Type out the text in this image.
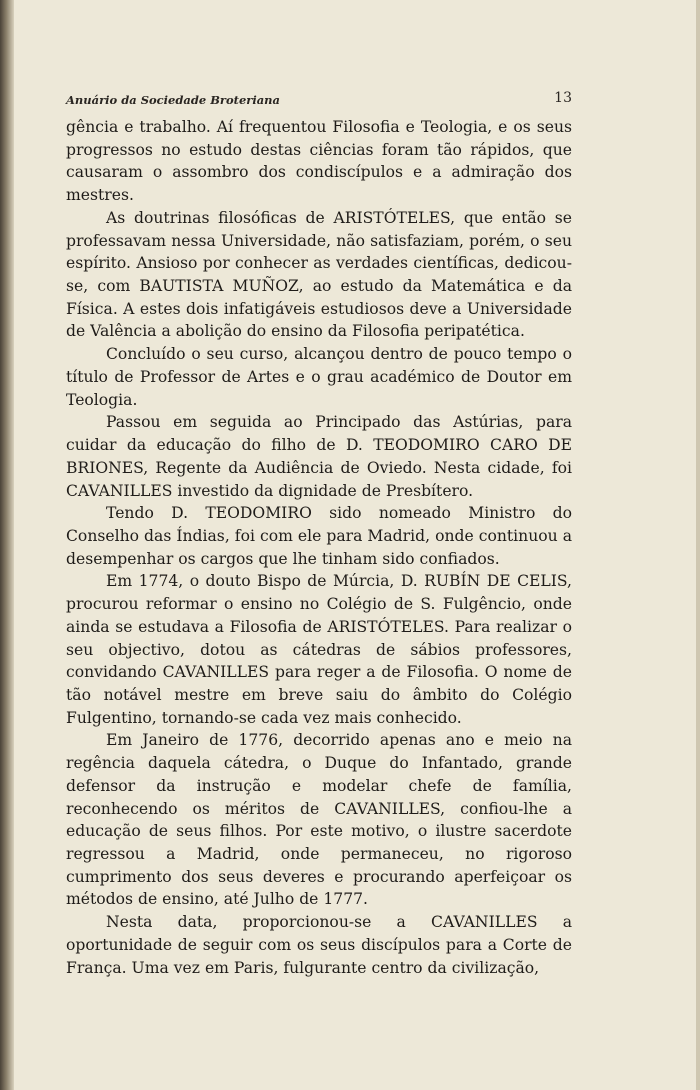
Anuário da Sociedade Broteriana	13

gência e trabalho. Aí frequentou Filosofia e Teologia, e os seus progressos no estudo destas ciências foram tão rápidos, que causaram o assombro dos condiscípulos e a admiração dos mestres.

As doutrinas filosóficas de ARISTÓTELES, que então se professavam nessa Universidade, não satisfaziam, porém, o seu espírito. Ansioso por conhecer as verdades científicas, dedicou-se, com BAUTISTA MUÑOZ, ao estudo da Matemática e da Física. A estes dois infatigáveis estudiosos deve a Universidade de Valência a abolição do ensino da Filosofia peripatética.

Concluído o seu curso, alcançou dentro de pouco tempo o título de Professor de Artes e o grau académico de Doutor em Teologia.

Passou em seguida ao Principado das Astúrias, para cuidar da educação do filho de D. TEODOMIRO CARO DE BRIONES, Regente da Audiência de Oviedo. Nesta cidade, foi CAVANILLES investido da dignidade de Presbítero.

Tendo D. TEODOMIRO sido nomeado Ministro do Conselho das Índias, foi com ele para Madrid, onde continuou a desempenhar os cargos que lhe tinham sido confiados.

Em 1774, o douto Bispo de Múrcia, D. RUBÍN DE CELIS, procurou reformar o ensino no Colégio de S. Fulgêncio, onde ainda se estudava a Filosofia de ARISTÓTELES. Para realizar o seu objectivo, dotou as cátedras de sábios professores, convidando CAVANILLES para reger a de Filosofia. O nome de tão notável mestre em breve saiu do âmbito do Colégio Fulgentino, tornando-se cada vez mais conhecido.

Em Janeiro de 1776, decorrido apenas ano e meio na regência daquela cátedra, o Duque do Infantado, grande defensor da instrução e modelar chefe de família, reconhecendo os méritos de CAVANILLES, confiou-lhe a educação de seus filhos. Por este motivo, o ilustre sacerdote regressou a Madrid, onde permaneceu, no rigoroso cumprimento dos seus deveres e procurando aperfeiçoar os métodos de ensino, até Julho de 1777.

Nesta data, proporcionou-se a CAVANILLES a oportunidade de seguir com os seus discípulos para a Corte de França. Uma vez em Paris, fulgurante centro da civilização,
